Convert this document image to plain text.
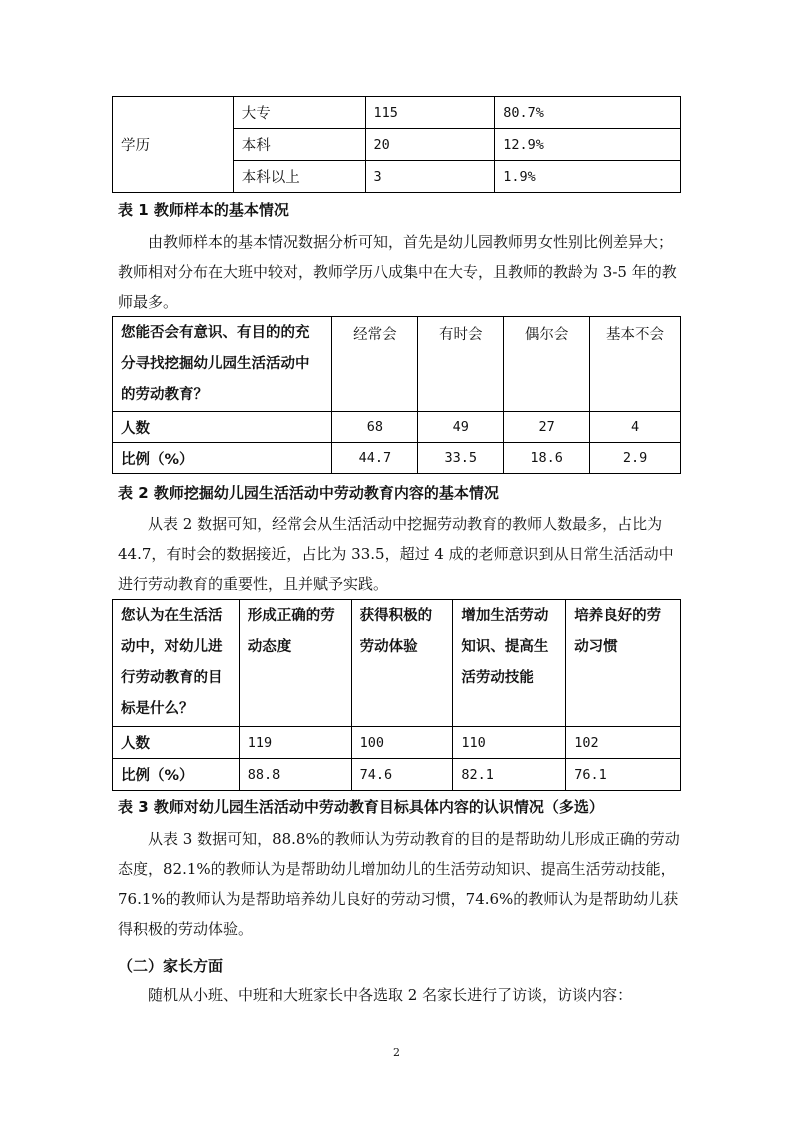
学历	大专	115	80.7%
	本科	20	12.9%
	本科以上	3	1.9%
表 1 教师样本的基本情况
由教师样本的基本情况数据分析可知，首先是幼儿园教师男女性别比例差异大；教师相对分布在大班中较对，教师学历八成集中在大专，且教师的教龄为 3-5 年的教师最多。
您能否会有意识、有目的的充分寻找挖掘幼儿园生活活动中的劳动教育？	经常会	有时会	偶尔会	基本不会
人数	68	49	27	4
比例（%）	44.7	33.5	18.6	2.9
表 2 教师挖掘幼儿园生活活动中劳动教育内容的基本情况
从表 2 数据可知，经常会从生活活动中挖掘劳动教育的教师人数最多，占比为 44.7，有时会的数据接近，占比为 33.5，超过 4 成的老师意识到从日常生活活动中进行劳动教育的重要性，且并赋予实践。
您认为在生活活动中，对幼儿进行劳动教育的目标是什么？	形成正确的劳动态度	获得积极的劳动体验	增加生活劳动知识、提高生活劳动技能	培养良好的劳动习惯
人数	119	100	110	102
比例（%）	88.8	74.6	82.1	76.1
表 3 教师对幼儿园生活活动中劳动教育目标具体内容的认识情况（多选）
从表 3 数据可知，88.8%的教师认为劳动教育的目的是帮助幼儿形成正确的劳动态度，82.1%的教师认为是帮助幼儿增加幼儿的生活劳动知识、提高生活劳动技能，76.1%的教师认为是帮助培养幼儿良好的劳动习惯，74.6%的教师认为是帮助幼儿获得积极的劳动体验。
（二）家长方面
随机从小班、中班和大班家长中各选取 2 名家长进行了访谈，访谈内容：
2
